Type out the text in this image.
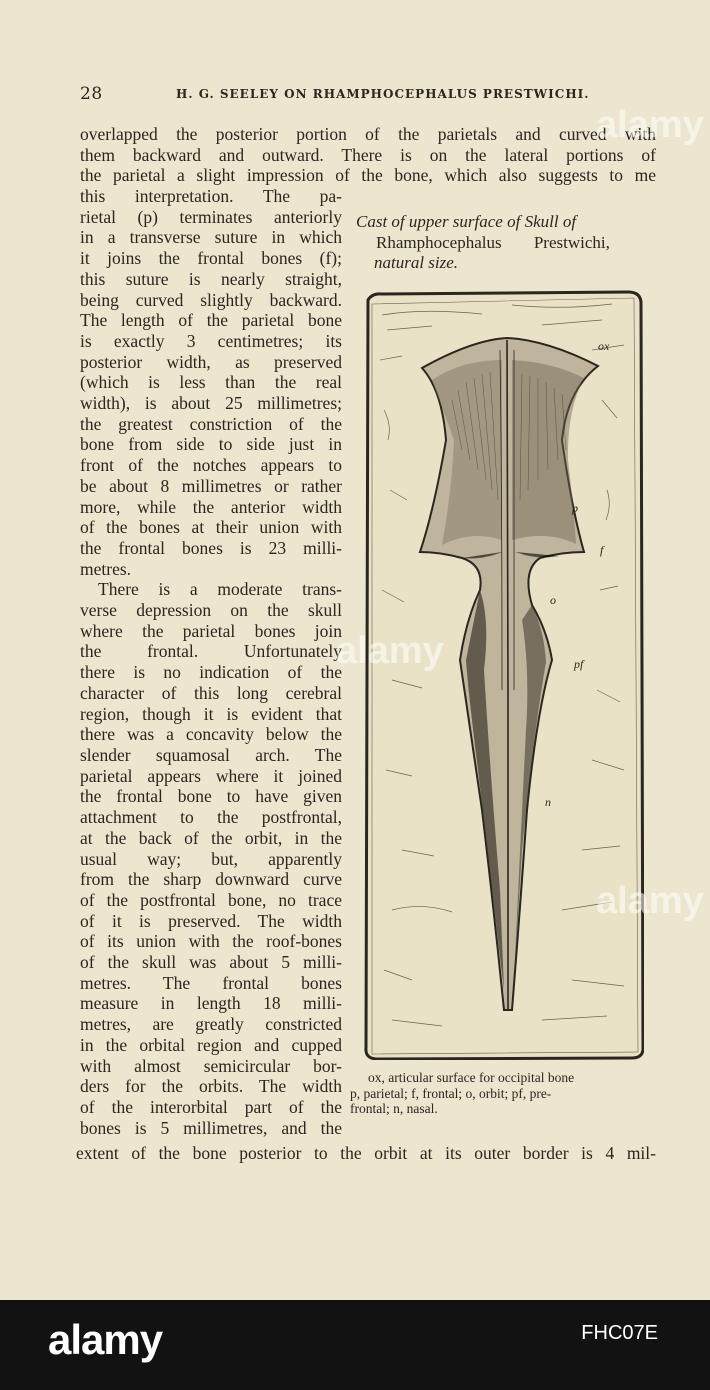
28	H. G. SEELEY ON RHAMPHOCEPHALUS PRESTWICHI.
overlapped the posterior portion of the parietals and curved with
them backward and outward. There is on the lateral portions of
the parietal a slight impression of the bone, which also suggests to me
this interpretation. The pa-
rietal (p) terminates anteriorly
in a transverse suture in which
it joins the frontal bones (f);
this suture is nearly straight,
being curved slightly backward.
The length of the parietal bone
is exactly 3 centimetres; its
posterior width, as preserved
(which is less than the real
width), is about 25 millimetres;
the greatest constriction of the
bone from side to side just in
front of the notches appears to
be about 8 millimetres or rather
more, while the anterior width
of the bones at their union with
the frontal bones is 23 milli-
metres.
There is a moderate trans-
verse depression on the skull
where the parietal bones join
the frontal. Unfortunately
there is no indication of the
character of this long cerebral
region, though it is evident that
there was a concavity below the
slender squamosal arch. The
parietal appears where it joined
the frontal bone to have given
attachment to the postfrontal,
at the back of the orbit, in the
usual way; but, apparently
from the sharp downward curve
of the postfrontal bone, no trace
of it is preserved. The width
of its union with the roof-bones
of the skull was about 5 milli-
metres. The frontal bones
measure in length 18 milli-
metres, are greatly constricted
in the orbital region and cupped
with almost semicircular bor-
ders for the orbits. The width
of the interorbital part of the
bones is 5 millimetres, and the
Cast of upper surface of Skull of
Rhamphocephalus Prestwichi,
natural size.
ox
p
f
o
pf
n
ox, articular surface for occipital bone
p, parietal; f, frontal; o, orbit; pf, pre-
frontal; n, nasal.
extent of the bone posterior to the orbit at its outer border is 4 mil-
alamy
alamy
alamy
alamy	FHC07E
